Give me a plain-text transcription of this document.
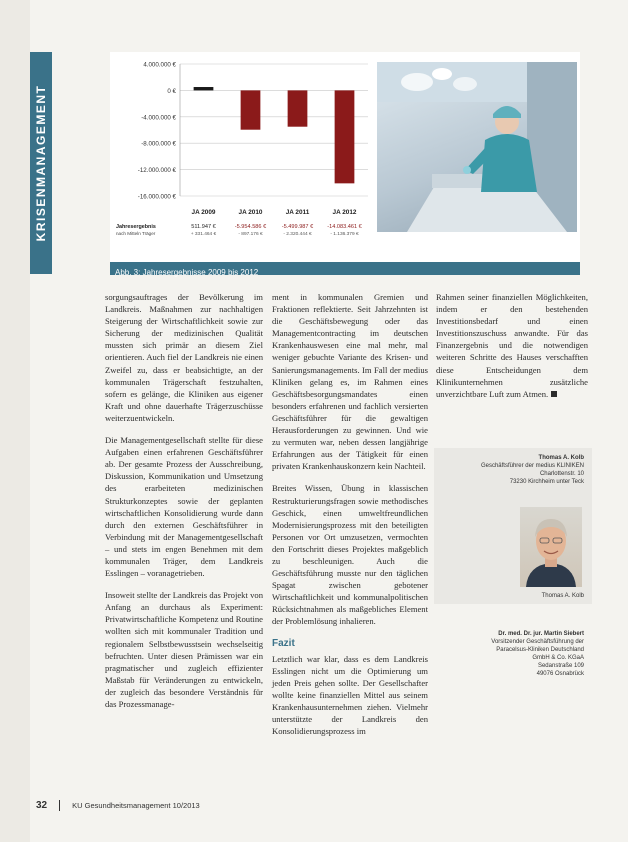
KRISENMANAGEMENT
4.000.000 €
0 €
-4.000.000 €
-8.000.000 €
-12.000.000 €
-16.000.000 €
JA 2009
511.947 €
+ 331.464 €
JA 2010
-5.954.586 €
- 897.176 €
JA 2011
-5.499.987 €
- 2.320.444 €
JA 2012
-14.083.461 €
- 1.136.379 €
Jahresergebnis
nach Mitteln Träger
Abb. 3: Jahresergebnisse 2009 bis 2012

sorgungsauftrages der Bevölkerung im Landkreis. Maßnahmen zur nachhaltigen Steigerung der Wirtschaftlichkeit sowie zur Sicherung der medizinischen Qualität mussten sich primär an diesem Ziel orientieren. Auch fiel der Landkreis nie einen Zweifel zu, dass er beabsichtigte, an der kommunalen Trägerschaft festzuhalten, sofern es gelänge, die Kliniken aus eigener Kraft und ohne dauerhafte Trägerzuschüsse weiterzuentwickeln.

Die Managementgesellschaft stellte für diese Aufgaben einen erfahrenen Geschäftsführer ab. Der gesamte Prozess der Ausschreibung, Diskussion, Kommunikation und Umsetzung des erarbeiteten medizinischen Strukturkonzeptes sowie der geplanten wirtschaftlichen Konsolidierung wurde dann durch den externen Geschäftsführer in Verbindung mit der Managementgesellschaft – und stets im engen Benehmen mit dem kommunalen Träger, dem Landkreis Esslingen – voranagetrieben.

Insoweit stellte der Landkreis das Projekt von Anfang an durchaus als Experiment: Privatwirtschaftliche Kompetenz und Routine wollten sich mit kommunaler Tradition und regionalem Selbstbewusstsein wechselseitig befruchten. Unter diesen Prämissen war ein pragmatischer und zugleich effizienter Maßstab für Veränderungen zu entwickeln, der zugleich das besondere Verständnis für das Prozessmanage-

ment in kommunalen Gremien und Fraktionen reflektierte. Seit Jahrzehnten ist die Geschäftsbewegung oder das Managementcontracting im deutschen Krankenhauswesen eine mal mehr, mal weniger gebuchte Variante des Krisen- und Sanierungsmanagements. Im Fall der medius Kliniken gelang es, im Rahmen eines Geschäftsbesorgungsmandates einen besonders erfahrenen und fachlich versierten Geschäftsführer für die gewaltigen Herausforderungen zu gewinnen. Und wie zu vermuten war, neben dessen langjährige Erfahrungen aus der Tätigkeit für einen privaten Krankenhauskonzern kein Nachteil.

Breites Wissen, Übung in klassischen Restrukturierungsfragen sowie methodisches Geschick, einen umweltfreundlichen Modernisierungsprozess mit den beteiligten Personen vor Ort umzusetzen, vermochten den Fortschritt dieses Projektes maßgeblich zu beschleunigen. Auch die Geschäftsführung musste nur den täglichen Spagat zwischen gebotener Wirtschaftlichkeit und kommunalpolitischen Rücksichtnahmen als maßgebliches Element der Problemlösung inhalieren.

Fazit

Letztlich war klar, dass es dem Landkreis Esslingen nicht um die Optimierung um jeden Preis gehen sollte. Der Gesellschafter wollte keine finanziellen Mittel aus seinem Krankenhausunternehmen ziehen. Vielmehr unterstützte der Landkreis den Konsolidierungsprozess im

Rahmen seiner finanziellen Möglichkeiten, indem er den bestehenden Investitionsbedarf und einen Investitionszuschuss anwandte. Für das Finanzergebnis und die notwendigen weiteren Schritte des Hauses verschafften diese Entscheidungen dem Klinikunternehmen zusätzliche unverzichtbare Luft zum Atmen.

Thomas A. Kolb
Geschäftsführer der medius KLINIKEN
Charlottenstr. 10
73230 Kirchheim unter Teck
Thomas A. Kolb
Dr. med. Dr. jur. Martin Siebert
Vorsitzender Geschäftsführung der
Paracelsus-Kliniken Deutschland
GmbH & Co. KGaA
Sedanstraße 109
49076 Osnabrück
32	KU Gesundheitsmanagement 10/2013
